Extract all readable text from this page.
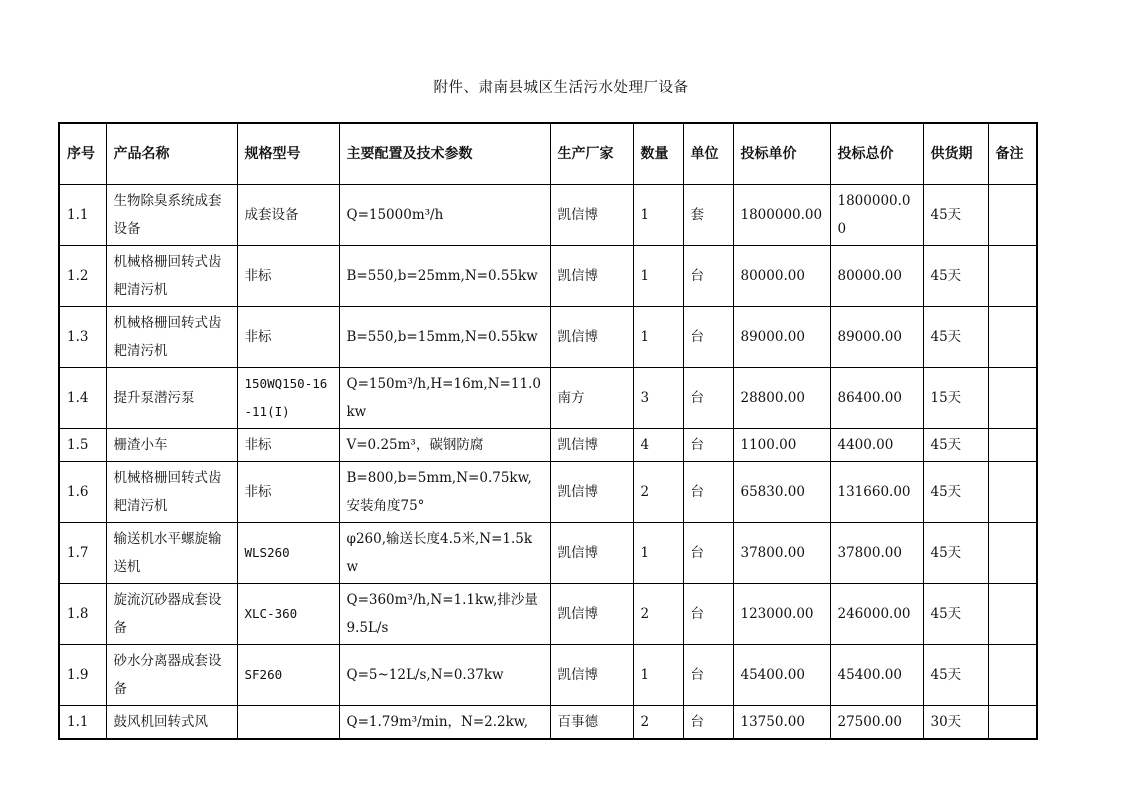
附件、肃南县城区生活污水处理厂设备
序号	产品名称	规格型号	主要配置及技术参数	生产厂家	数量	单位	投标单价	投标总价	供货期	备注
1.1	生物除臭系统成套设备	成套设备	Q=15000m³/h	凯信博	1	套	1800000.00	1800000.00	45天	
1.2	机械格栅回转式齿耙清污机	非标	B=550,b=25mm,N=0.55kw	凯信博	1	台	80000.00	80000.00	45天	
1.3	机械格栅回转式齿耙清污机	非标	B=550,b=15mm,N=0.55kw	凯信博	1	台	89000.00	89000.00	45天	
1.4	提升泵潜污泵	150WQ150-16-11(I)	Q=150m³/h,H=16m,N=11.0kw	南方	3	台	28800.00	86400.00	15天	
1.5	栅渣小车	非标	V=0.25m³，碳钢防腐	凯信博	4	台	1100.00	4400.00	45天	
1.6	机械格栅回转式齿耙清污机	非标	B=800,b=5mm,N=0.75kw,安装角度75°	凯信博	2	台	65830.00	131660.00	45天	
1.7	输送机水平螺旋输送机	WLS260	φ260,输送长度4.5米,N=1.5kw	凯信博	1	台	37800.00	37800.00	45天	
1.8	旋流沉砂器成套设备	XLC-360	Q=360m³/h,N=1.1kw,排沙量9.5L/s	凯信博	2	台	123000.00	246000.00	45天	
1.9	砂水分离器成套设备	SF260	Q=5~12L/s,N=0.37kw	凯信博	1	台	45400.00	45400.00	45天	
1.1	鼓风机回转式风		Q=1.79m³/min，N=2.2kw,	百事德	2	台	13750.00	27500.00	30天	
